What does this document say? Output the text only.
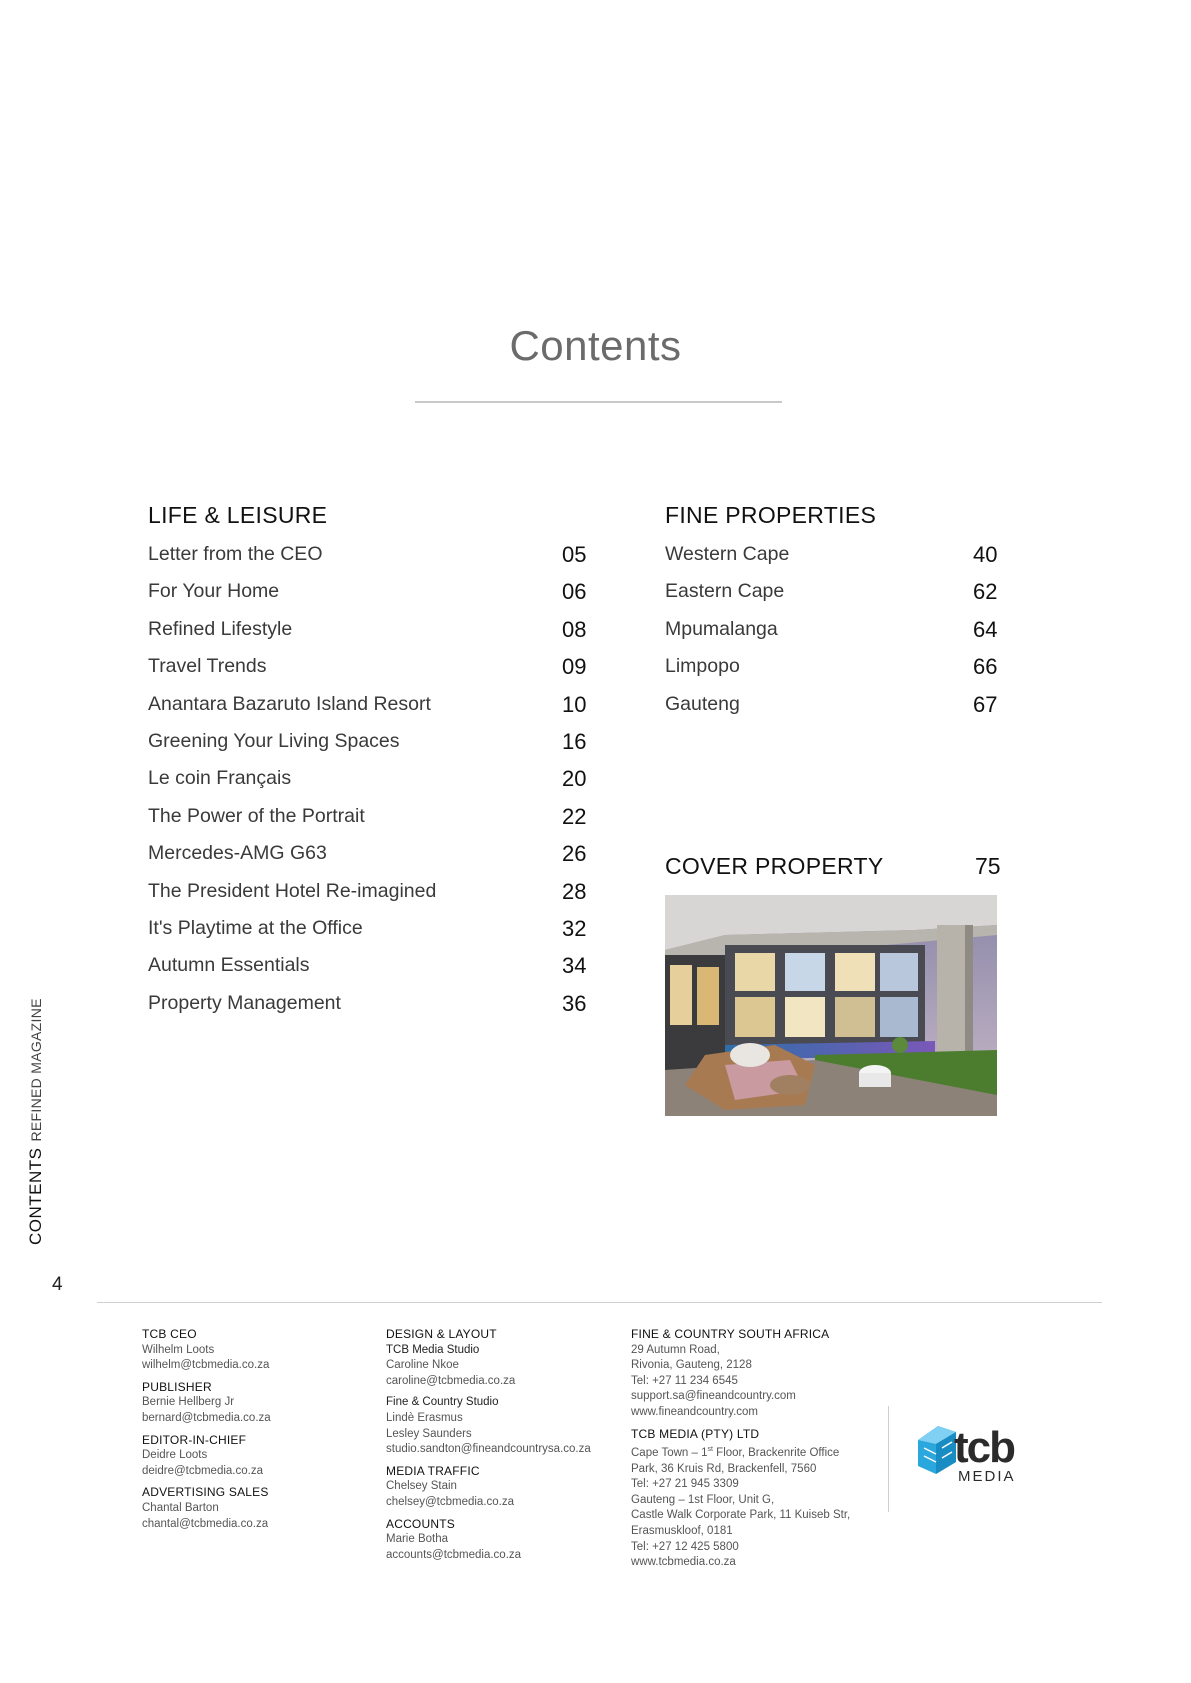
Contents
LIFE & LEISURE
Letter from the CEO	05
For Your Home	06
Refined Lifestyle	08
Travel Trends	09
Anantara Bazaruto Island Resort	10
Greening Your Living Spaces	16
Le coin Français	20
The Power of the Portrait	22
Mercedes-AMG G63	26
The President Hotel Re-imagined	28
It's Playtime at the Office	32
Autumn Essentials	34
Property Management	36
FINE PROPERTIES
Western Cape	40
Eastern Cape	62
Mpumalanga	64
Limpopo	66
Gauteng	67
COVER PROPERTY	75
CONTENTSREFINED MAGAZINE
4
TCB CEO
Wilhelm Loots
wilhelm@tcbmedia.co.za
PUBLISHER
Bernie Hellberg Jr
bernard@tcbmedia.co.za
EDITOR-IN-CHIEF
Deidre Loots
deidre@tcbmedia.co.za
ADVERTISING SALES
Chantal Barton
chantal@tcbmedia.co.za
DESIGN & LAYOUT
TCB Media Studio
Caroline Nkoe
caroline@tcbmedia.co.za
Fine & Country Studio
Lindè Erasmus
Lesley Saunders
studio.sandton@fineandcountrysa.co.za
MEDIA TRAFFIC
Chelsey Stain
chelsey@tcbmedia.co.za
ACCOUNTS
Marie Botha
accounts@tcbmedia.co.za
FINE & COUNTRY SOUTH AFRICA
29 Autumn Road,
Rivonia, Gauteng, 2128
Tel: +27 11 234 6545
support.sa@fineandcountry.com
www.fineandcountry.com
TCB MEDIA (PTY) LTD
Cape Town – 1st Floor, Brackenrite Office
Park, 36 Kruis Rd, Brackenfell, 7560
Tel: +27 21 945 3309
Gauteng – 1st Floor, Unit G,
Castle Walk Corporate Park, 11 Kuiseb Str,
Erasmuskloof, 0181
Tel: +27 12 425 5800
www.tcbmedia.co.za
tcb
MEDIA
